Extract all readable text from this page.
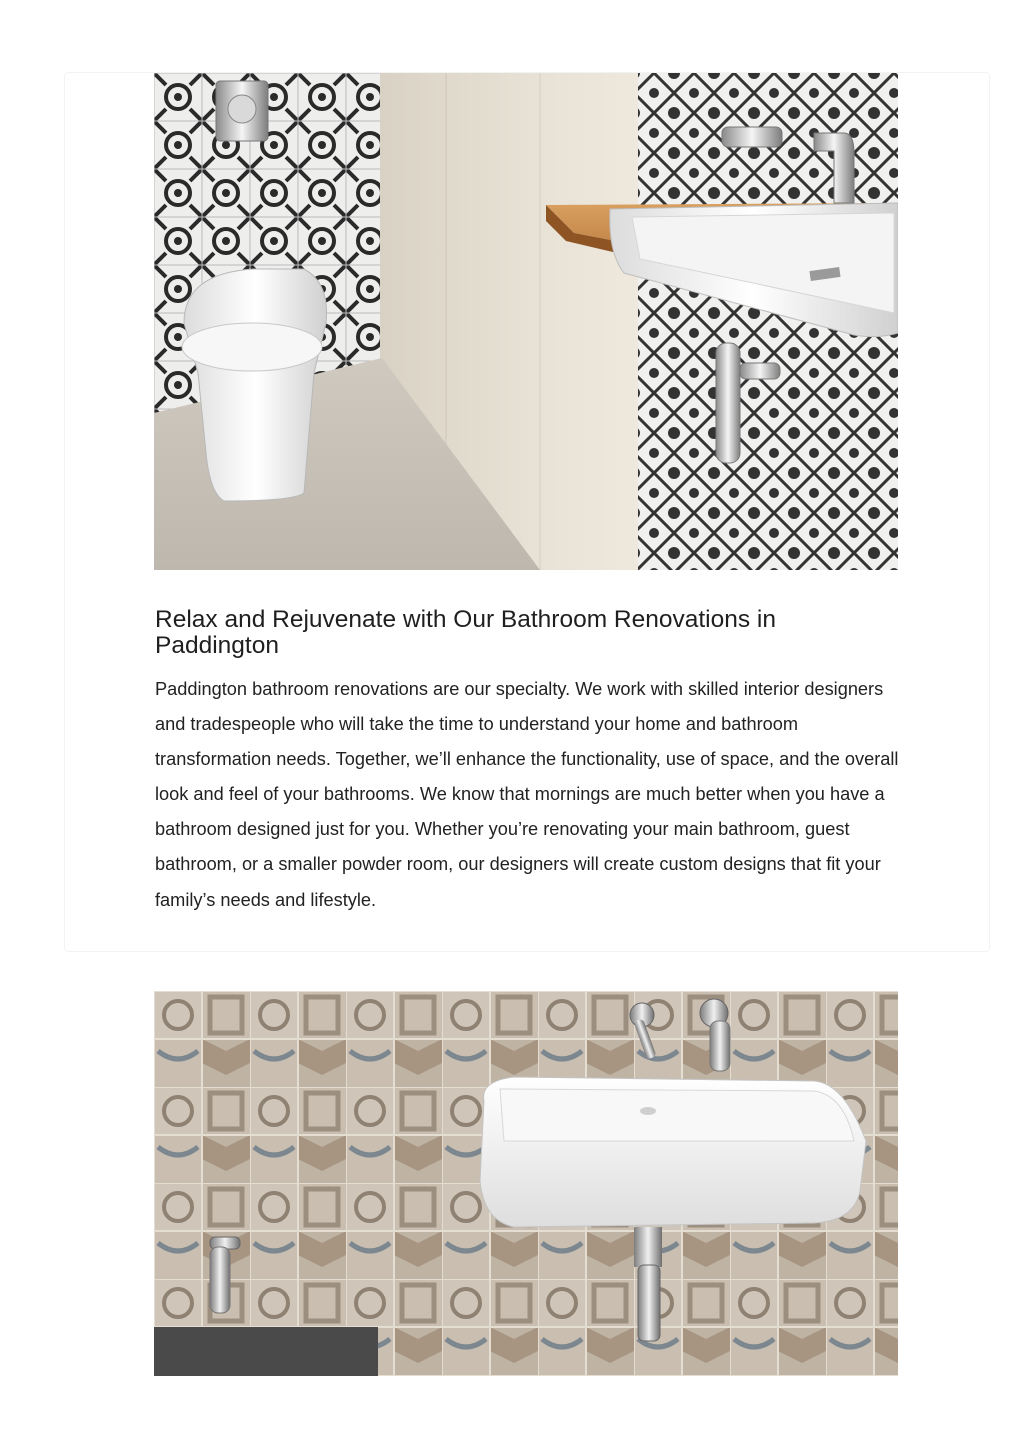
Relax and Rejuvenate with Our Bathroom Renovations in Paddington

Paddington bathroom renovations are our specialty. We work with skilled interior designers and tradespeople who will take the time to understand your home and bathroom transformation needs. Together, we’ll enhance the functionality, use of space, and the overall look and feel of your bathrooms. We know that mornings are much better when you have a bathroom designed just for you. Whether you’re renovating your main bathroom, guest bathroom, or a smaller powder room, our designers will create custom designs that fit your family’s needs and lifestyle.
